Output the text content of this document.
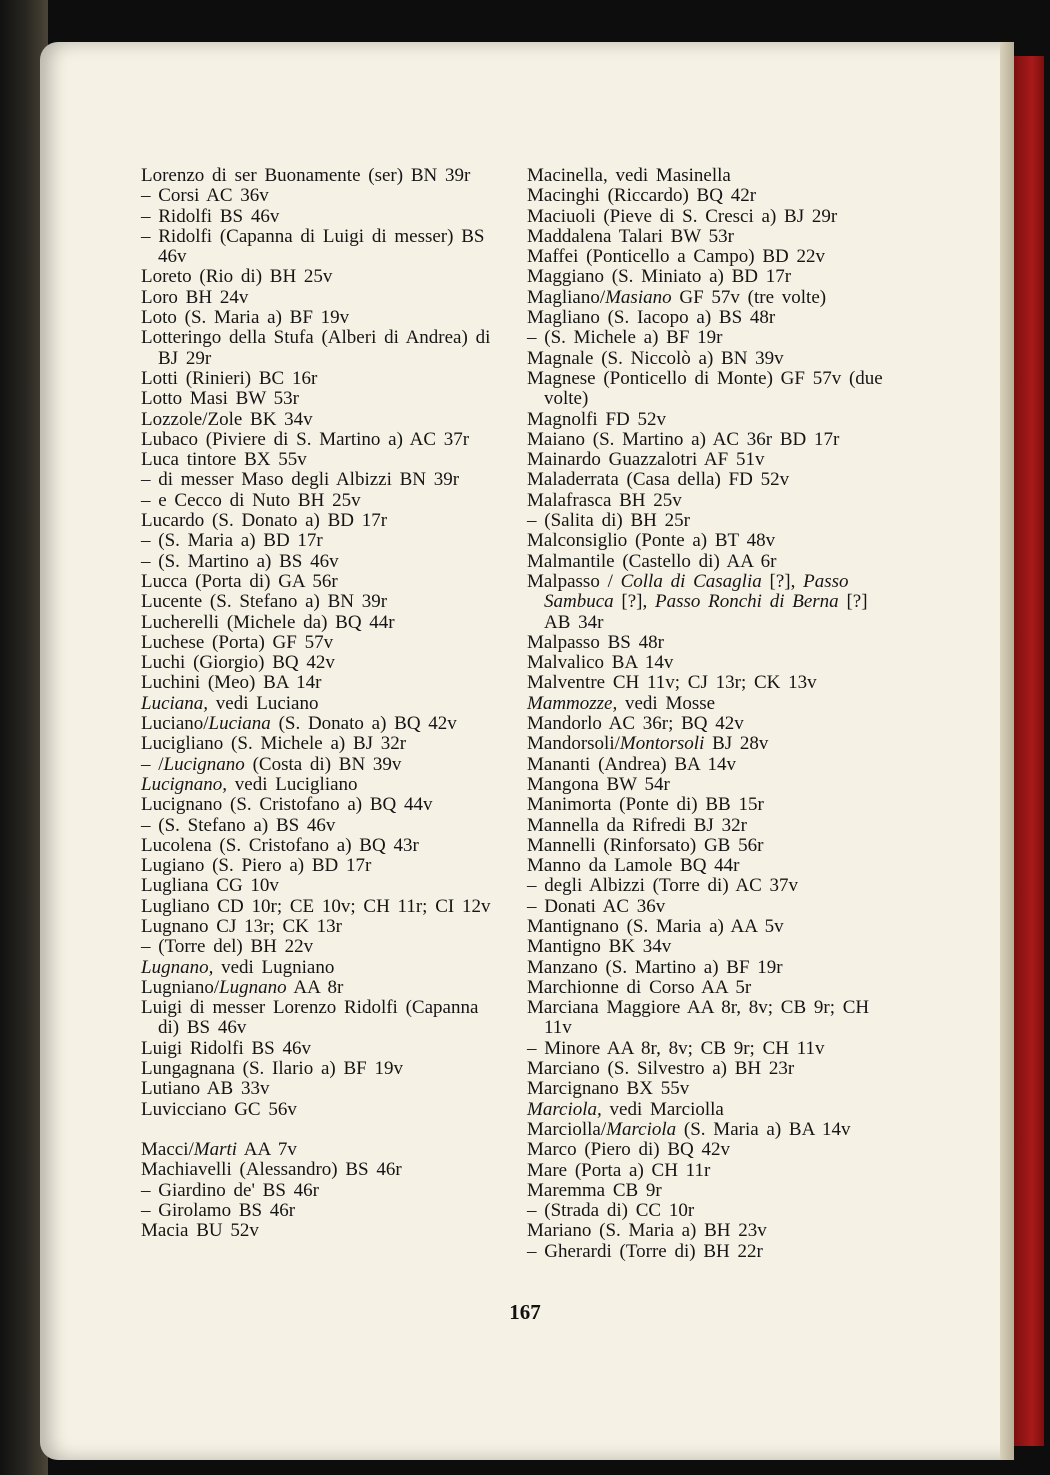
Lorenzo di ser Buonamente (ser) BN 39r
– Corsi AC 36v
– Ridolfi BS 46v
– Ridolfi (Capanna di Luigi di messer) BS 46v
Loreto (Rio di) BH 25v
Loro BH 24v
Loto (S. Maria a) BF 19v
Lotteringo della Stufa (Alberi di Andrea) di BJ 29r
Lotti (Rinieri) BC 16r
Lotto Masi BW 53r
Lozzole/Zole BK 34v
Lubaco (Piviere di S. Martino a) AC 37r
Luca tintore BX 55v
– di messer Maso degli Albizzi BN 39r
– e Cecco di Nuto BH 25v
Lucardo (S. Donato a) BD 17r
– (S. Maria a) BD 17r
– (S. Martino a) BS 46v
Lucca (Porta di) GA 56r
Lucente (S. Stefano a) BN 39r
Lucherelli (Michele da) BQ 44r
Luchese (Porta) GF 57v
Luchi (Giorgio) BQ 42v
Luchini (Meo) BA 14r
Luciana, vedi Luciano
Luciano/Luciana (S. Donato a) BQ 42v
Lucigliano (S. Michele a) BJ 32r
– /Lucignano (Costa di) BN 39v
Lucignano, vedi Lucigliano
Lucignano (S. Cristofano a) BQ 44v
– (S. Stefano a) BS 46v
Lucolena (S. Cristofano a) BQ 43r
Lugiano (S. Piero a) BD 17r
Lugliana CG 10v
Lugliano CD 10r; CE 10v; CH 11r; CI 12v
Lugnano CJ 13r; CK 13r
– (Torre del) BH 22v
Lugnano, vedi Lugniano
Lugniano/Lugnano AA 8r
Luigi di messer Lorenzo Ridolfi (Capanna di) BS 46v
Luigi Ridolfi BS 46v
Lungagnana (S. Ilario a) BF 19v
Lutiano AB 33v
Luvicciano GC 56v
Macci/Marti AA 7v
Machiavelli (Alessandro) BS 46r
– Giardino de' BS 46r
– Girolamo BS 46r
Macia BU 52v
Macinella, vedi Masinella
Macinghi (Riccardo) BQ 42r
Maciuoli (Pieve di S. Cresci a) BJ 29r
Maddalena Talari BW 53r
Maffei (Ponticello a Campo) BD 22v
Maggiano (S. Miniato a) BD 17r
Magliano/Masiano GF 57v (tre volte)
Magliano (S. Iacopo a) BS 48r
– (S. Michele a) BF 19r
Magnale (S. Niccolò a) BN 39v
Magnese (Ponticello di Monte) GF 57v (due volte)
Magnolfi FD 52v
Maiano (S. Martino a) AC 36r BD 17r
Mainardo Guazzalotri AF 51v
Maladerrata (Casa della) FD 52v
Malafrasca BH 25v
– (Salita di) BH 25r
Malconsiglio (Ponte a) BT 48v
Malmantile (Castello di) AA 6r
Malpasso / Colla di Casaglia [?], Passo Sambuca [?], Passo Ronchi di Berna [?] AB 34r
Malpasso BS 48r
Malvalico BA 14v
Malventre CH 11v; CJ 13r; CK 13v
Mammozze, vedi Mosse
Mandorlo AC 36r; BQ 42v
Mandorsoli/Montorsoli BJ 28v
Mananti (Andrea) BA 14v
Mangona BW 54r
Manimorta (Ponte di) BB 15r
Mannella da Rifredi BJ 32r
Mannelli (Rinforsato) GB 56r
Manno da Lamole BQ 44r
– degli Albizzi (Torre di) AC 37v
– Donati AC 36v
Mantignano (S. Maria a) AA 5v
Mantigno BK 34v
Manzano (S. Martino a) BF 19r
Marchionne di Corso AA 5r
Marciana Maggiore AA 8r, 8v; CB 9r; CH 11v
– Minore AA 8r, 8v; CB 9r; CH 11v
Marciano (S. Silvestro a) BH 23r
Marcignano BX 55v
Marciola, vedi Marciolla
Marciolla/Marciola (S. Maria a) BA 14v
Marco (Piero di) BQ 42v
Mare (Porta a) CH 11r
Maremma CB 9r
– (Strada di) CC 10r
Mariano (S. Maria a) BH 23v
– Gherardi (Torre di) BH 22r
167
